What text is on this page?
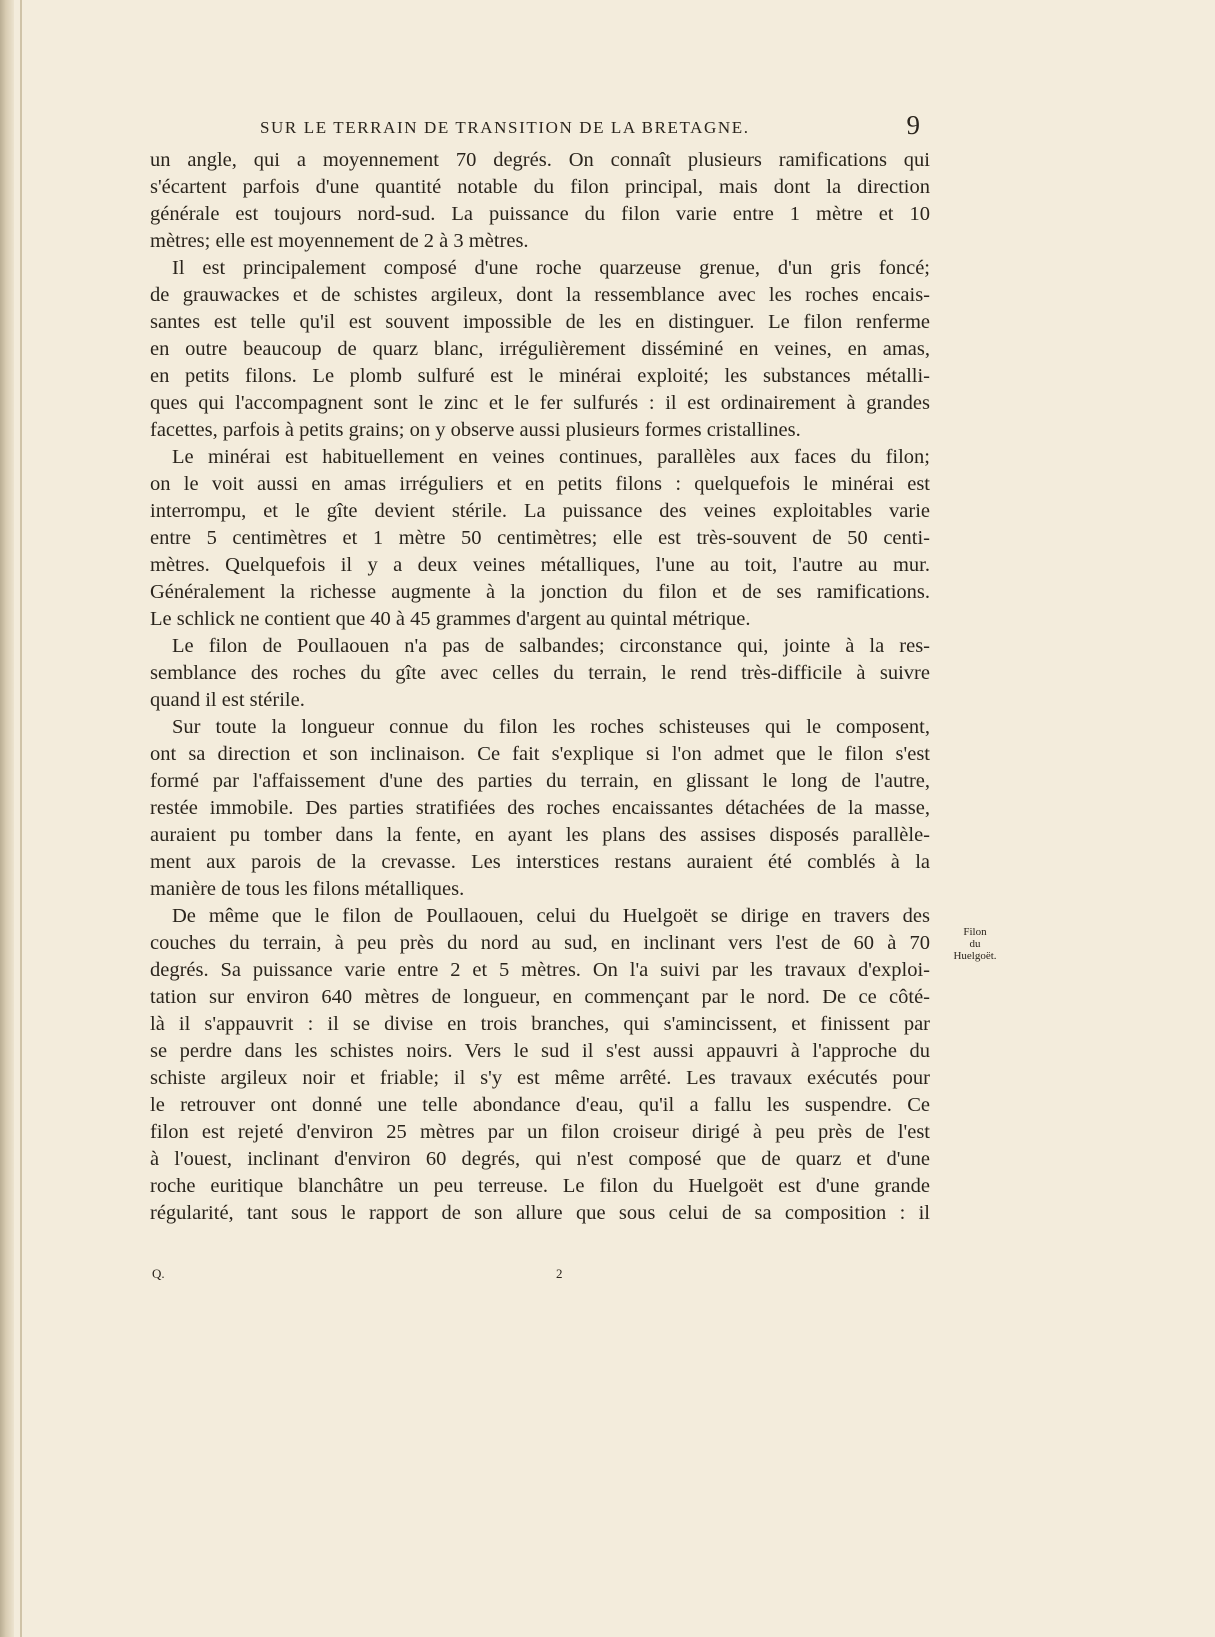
SUR LE TERRAIN DE TRANSITION DE LA BRETAGNE.	9
un angle, qui a moyennement 70 degrés. On connaît plusieurs ramifications qui
s'écartent parfois d'une quantité notable du filon principal, mais dont la direction
générale est toujours nord-sud. La puissance du filon varie entre 1 mètre et 10
mètres; elle est moyennement de 2 à 3 mètres.
Il est principalement composé d'une roche quarzeuse grenue, d'un gris foncé;
de grauwackes et de schistes argileux, dont la ressemblance avec les roches encais-
santes est telle qu'il est souvent impossible de les en distinguer. Le filon renferme
en outre beaucoup de quarz blanc, irrégulièrement disséminé en veines, en amas,
en petits filons. Le plomb sulfuré est le minérai exploité; les substances métalli-
ques qui l'accompagnent sont le zinc et le fer sulfurés : il est ordinairement à grandes
facettes, parfois à petits grains; on y observe aussi plusieurs formes cristallines.
Le minérai est habituellement en veines continues, parallèles aux faces du filon;
on le voit aussi en amas irréguliers et en petits filons : quelquefois le minérai est
interrompu, et le gîte devient stérile. La puissance des veines exploitables varie
entre 5 centimètres et 1 mètre 50 centimètres; elle est très-souvent de 50 centi-
mètres. Quelquefois il y a deux veines métalliques, l'une au toit, l'autre au mur.
Généralement la richesse augmente à la jonction du filon et de ses ramifications.
Le schlick ne contient que 40 à 45 grammes d'argent au quintal métrique.
Le filon de Poullaouen n'a pas de salbandes; circonstance qui, jointe à la res-
semblance des roches du gîte avec celles du terrain, le rend très-difficile à suivre
quand il est stérile.
Sur toute la longueur connue du filon les roches schisteuses qui le composent,
ont sa direction et son inclinaison. Ce fait s'explique si l'on admet que le filon s'est
formé par l'affaissement d'une des parties du terrain, en glissant le long de l'autre,
restée immobile. Des parties stratifiées des roches encaissantes détachées de la masse,
auraient pu tomber dans la fente, en ayant les plans des assises disposés parallèle-
ment aux parois de la crevasse. Les interstices restans auraient été comblés à la
manière de tous les filons métalliques.
De même que le filon de Poullaouen, celui du Huelgoët se dirige en travers des
couches du terrain, à peu près du nord au sud, en inclinant vers l'est de 60 à 70
degrés. Sa puissance varie entre 2 et 5 mètres. On l'a suivi par les travaux d'exploi-
tation sur environ 640 mètres de longueur, en commençant par le nord. De ce côté-
là il s'appauvrit : il se divise en trois branches, qui s'amincissent, et finissent par
se perdre dans les schistes noirs. Vers le sud il s'est aussi appauvri à l'approche du
schiste argileux noir et friable; il s'y est même arrêté. Les travaux exécutés pour
le retrouver ont donné une telle abondance d'eau, qu'il a fallu les suspendre. Ce
filon est rejeté d'environ 25 mètres par un filon croiseur dirigé à peu près de l'est
à l'ouest, inclinant d'environ 60 degrés, qui n'est composé que de quarz et d'une
roche euritique blanchâtre un peu terreuse. Le filon du Huelgoët est d'une grande
régularité, tant sous le rapport de son allure que sous celui de sa composition : il
Filon
du
Huelgoët.
Q.	2
